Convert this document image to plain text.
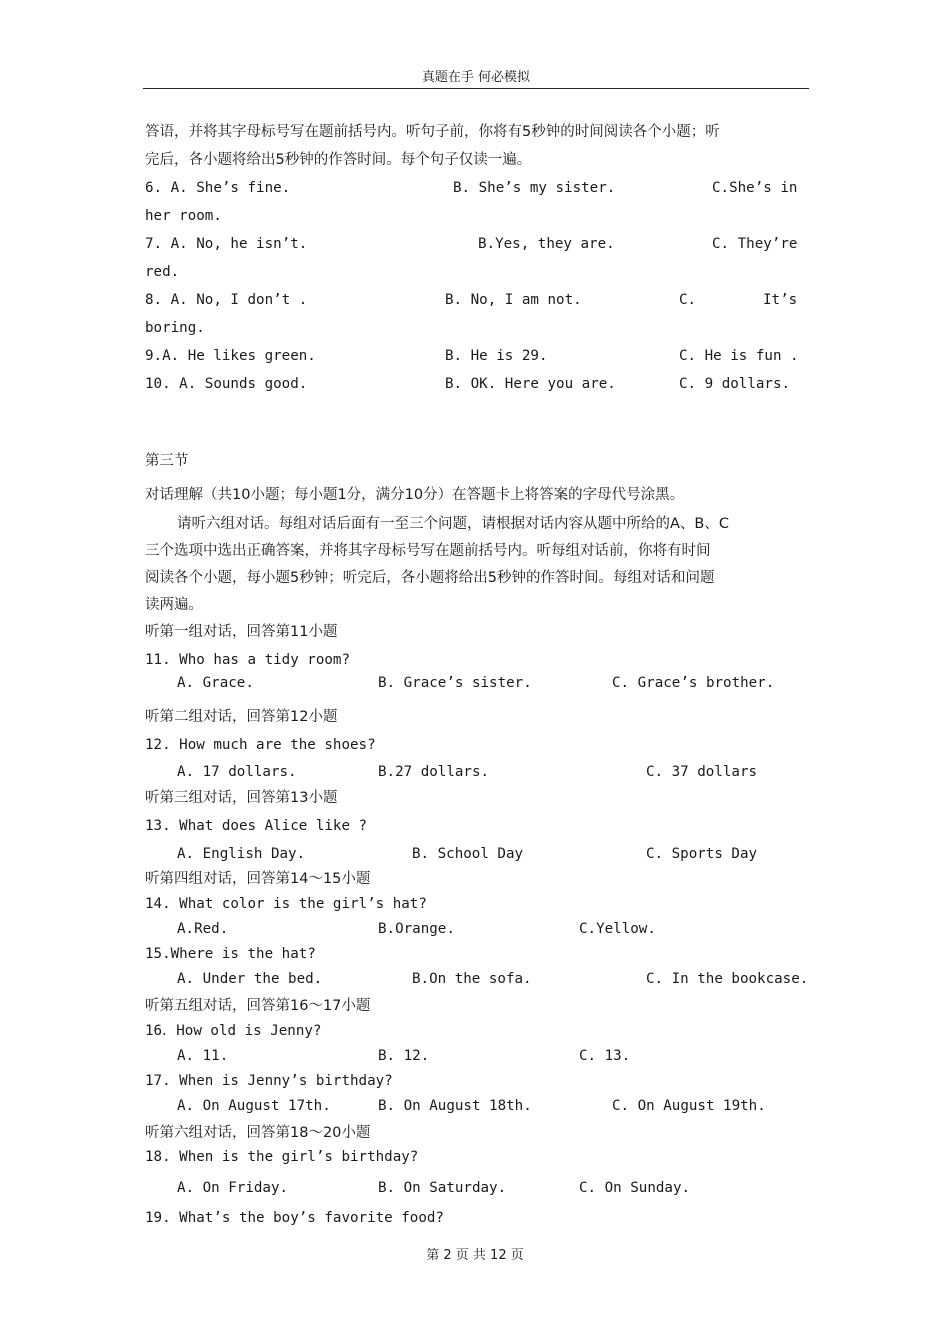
真题在手 何必模拟
答语，并将其字母标号写在题前括号内。听句子前，你将有5秒钟的时间阅读各个小题；听
完后，各小题将给出5秒钟的作答时间。每个句子仅读一遍。
6. A. She’s fine.	B. She’s my sister.	C.She’s in
her room.
7. A. No, he isn’t.	B.Yes, they are.	C. They’re
red.
8. A. No, I don’t .	B. No, I am not.	C.	It’s
boring.
9.A. He likes green.	B. He is 29.	C. He is fun .
10. A. Sounds good.	B. OK. Here you are.	C. 9 dollars.
第三节
对话理解（共10小题；每小题1分，满分10分）在答题卡上将答案的字母代号涂黑。
请听六组对话。每组对话后面有一至三个问题，请根据对话内容从题中所给的A、B、C
三个选项中选出正确答案，并将其字母标号写在题前括号内。听每组对话前，你将有时间
阅读各个小题，每小题5秒钟；听完后，各小题将给出5秒钟的作答时间。每组对话和问题
读两遍。
听第一组对话，回答第11小题
11. Who has a tidy room?
A. Grace.	B. Grace’s sister.	C. Grace’s brother.
听第二组对话，回答第12小题
12. How much are the shoes?
A. 17 dollars.	B.27 dollars.	C. 37 dollars
听第三组对话，回答第13小题
13. What does Alice like ?
A. English Day.	B. School Day	C. Sports Day
听第四组对话，回答第14～15小题
14. What color is the girl’s hat?
A.Red.	B.Orange.	C.Yellow.
15.Where is the hat?
A. Under the bed.	B.On the sofa.	C. In the bookcase.
听第五组对话，回答第16～17小题
16．How old is Jenny?
A. 11.	B. 12.	C. 13.
17. When is Jenny’s birthday?
A. On August 17th.	B. On August 18th.	C. On August 19th.
听第六组对话，回答第18～20小题
18. When is the girl’s birthday?
A. On Friday.	B. On Saturday.	C. On Sunday.
19. What’s the boy’s favorite food?
第 2 页 共 12 页
